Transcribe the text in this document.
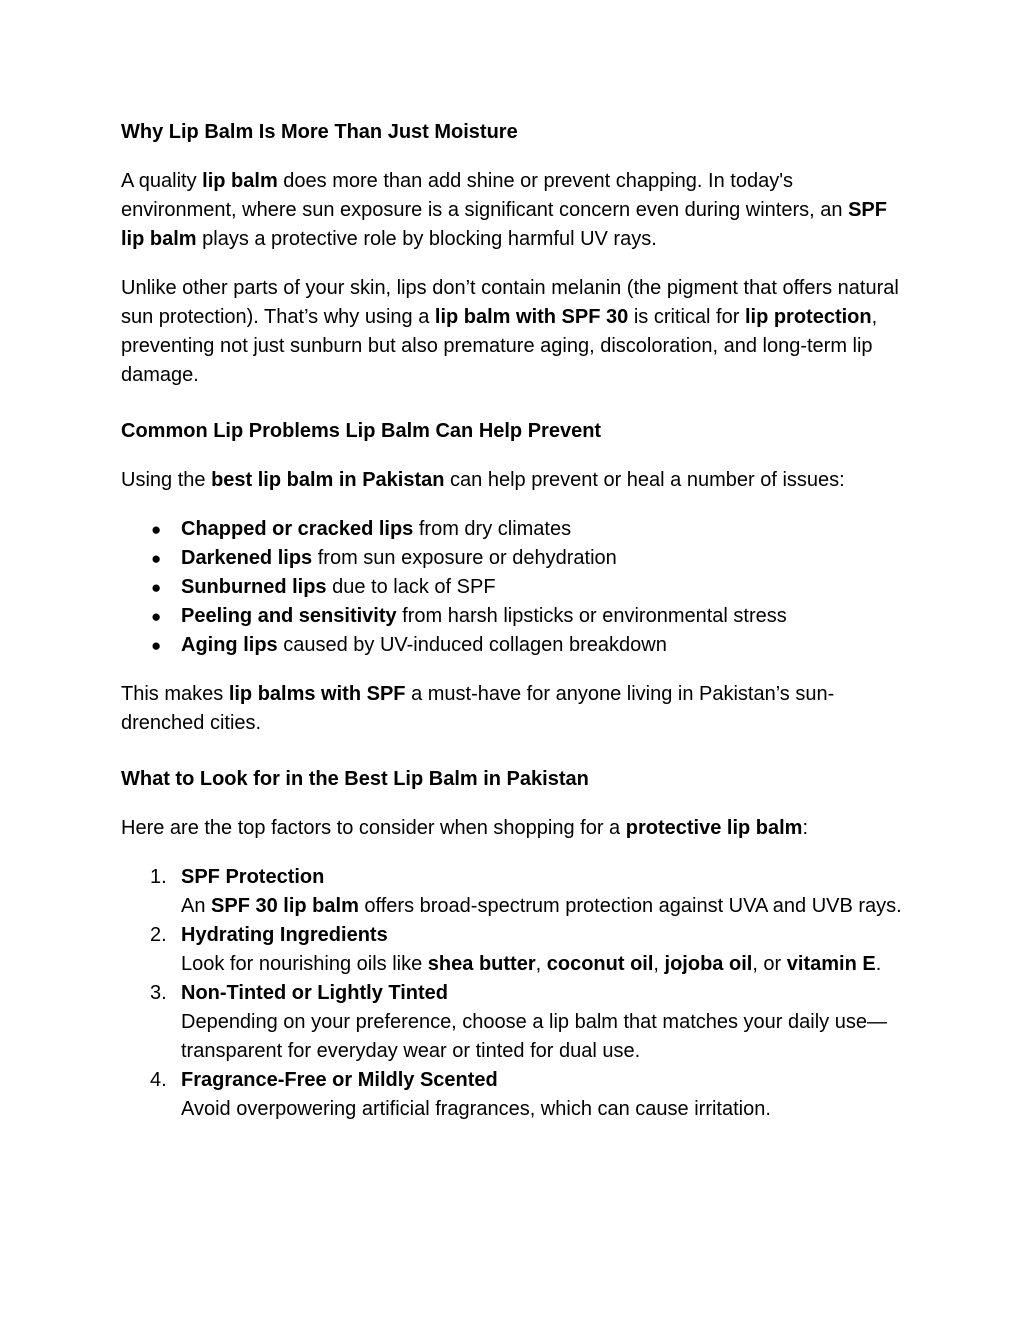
Why Lip Balm Is More Than Just Moisture
A quality lip balm does more than add shine or prevent chapping. In today's environment, where sun exposure is a significant concern even during winters, an SPF lip balm plays a protective role by blocking harmful UV rays.
Unlike other parts of your skin, lips don’t contain melanin (the pigment that offers natural sun protection). That’s why using a lip balm with SPF 30 is critical for lip protection, preventing not just sunburn but also premature aging, discoloration, and long-term lip damage.
Common Lip Problems Lip Balm Can Help Prevent
Using the best lip balm in Pakistan can help prevent or heal a number of issues:
● Chapped or cracked lips from dry climates
● Darkened lips from sun exposure or dehydration
● Sunburned lips due to lack of SPF
● Peeling and sensitivity from harsh lipsticks or environmental stress
● Aging lips caused by UV-induced collagen breakdown
This makes lip balms with SPF a must-have for anyone living in Pakistan’s sun-drenched cities.
What to Look for in the Best Lip Balm in Pakistan
Here are the top factors to consider when shopping for a protective lip balm:
1. SPF Protection
An SPF 30 lip balm offers broad-spectrum protection against UVA and UVB rays.
2. Hydrating Ingredients
Look for nourishing oils like shea butter, coconut oil, jojoba oil, or vitamin E.
3. Non-Tinted or Lightly Tinted
Depending on your preference, choose a lip balm that matches your daily use—transparent for everyday wear or tinted for dual use.
4. Fragrance-Free or Mildly Scented
Avoid overpowering artificial fragrances, which can cause irritation.
